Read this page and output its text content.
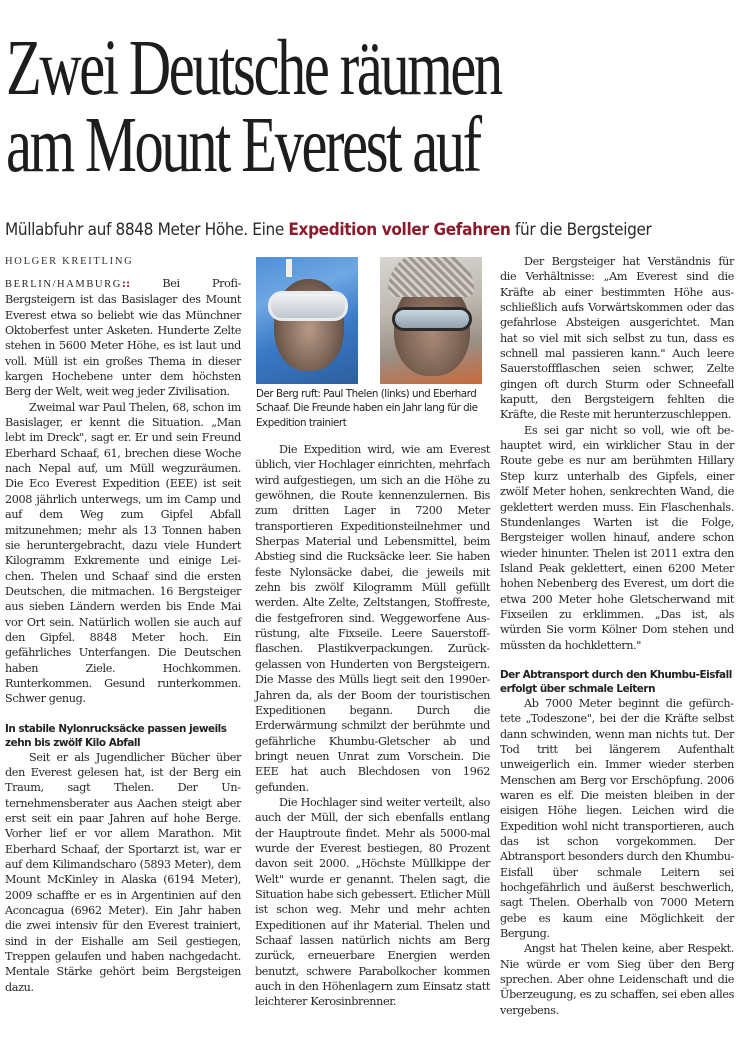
Zwei Deutsche räumen
am Mount Everest auf
Müllabfuhr auf 8848 Meter Höhe. Eine Expedition voller Gefahren für die Bergsteiger
HOLGER KREITLING

BERLIN/HAMBURG:: Bei Profi-Bergsteigern ist das Basislager des Mount Everest etwa so beliebt wie das Münchner Oktoberfest unter Asketen. Hunderte Zelte stehen in 5600 Meter Höhe, es ist laut und voll. Müll ist ein großes Thema in dieser kargen Hochebene unter dem höchsten Berg der Welt, weit weg jeder Zivilisation.

Zweimal war Paul Thelen, 68, schon im Basislager, er kennt die Situation. „Man lebt im Dreck", sagt er. Er und sein Freund Eberhard Schaaf, 61, brechen diese Woche nach Nepal auf, um Müll wegzuräumen. Die Eco Everest Expedition (EEE) ist seit 2008 jährlich unterwegs, um im Camp und auf dem Weg zum Gipfel Abfall mitzunehmen; mehr als 13 Tonnen haben sie heruntergebracht, dazu viele Hundert Kilogramm Exkremente und einige Leichen. Thelen und Schaaf sind die ersten Deutschen, die mitmachen. 16 Bergsteiger aus sieben Ländern werden bis Ende Mai vor Ort sein. Natürlich wollen sie auch auf den Gipfel. 8848 Meter hoch. Ein gefährliches Unterfangen. Die Deutschen haben Ziele. Hochkommen. Runterkommen. Gesund runterkommen. Schwer genug.

In stabile Nylonrucksäcke passen jeweils zehn bis zwölf Kilo Abfall

Seit er als Jugendlicher Bücher über den Everest gelesen hat, ist der Berg ein Traum, sagt Thelen. Der Unternehmensberater aus Aachen steigt aber erst seit ein paar Jahren auf hohe Berge. Vorher lief er vor allem Marathon. Mit Eberhard Schaaf, der Sportarzt ist, war er auf dem Kilimandscharo (5893 Meter), dem Mount McKinley in Alaska (6194 Meter), 2009 schaffte er es in Argentinien auf den Aconcagua (6962 Meter). Ein Jahr haben die zwei intensiv für den Everest trainiert, sind in der Eishalle am Seil gestiegen, Treppen gelaufen und haben nachgedacht. Mentale Stärke gehört beim Bergsteigen dazu.

Der Berg ruft: Paul Thelen (links) und Eberhard Schaaf. Die Freunde haben ein Jahr lang für die Expedition trainiert

Die Expedition wird, wie am Everest üblich, vier Hochlager einrichten, mehrfach wird aufgestiegen, um sich an die Höhe zu gewöhnen, die Route kennenzulernen. Bis zum dritten Lager in 7200 Meter transportieren Expeditionsteilnehmer und Sherpas Material und Lebensmittel, beim Abstieg sind die Rucksäcke leer. Sie haben feste Nylonsäcke dabei, die jeweils mit zehn bis zwölf Kilogramm Müll gefüllt werden. Alte Zelte, Zeltstangen, Stoffreste, die festgefroren sind. Weggeworfene Ausrüstung, alte Fixseile. Leere Sauerstoffflaschen. Plastikverpackungen. Zurückgelassen von Hunderten von Bergsteigern. Die Masse des Mülls liegt seit den 1990er-Jahren da, als der Boom der touristischen Expeditionen begann. Durch die Erderwärmung schmilzt der berühmte und gefährliche Khumbu-Gletscher ab und bringt neuen Unrat zum Vorschein. Die EEE hat auch Blechdosen von 1962 gefunden.

Die Hochlager sind weiter verteilt, also auch der Müll, der sich ebenfalls entlang der Hauptroute findet. Mehr als 5000-mal wurde der Everest bestiegen, 80 Prozent davon seit 2000. „Höchste Müllkippe der Welt" wurde er genannt. Thelen sagt, die Situation habe sich gebessert. Etlicher Müll ist schon weg. Mehr und mehr achten Expeditionen auf ihr Material. Thelen und Schaaf lassen natürlich nichts am Berg zurück, erneuerbare Energien werden benutzt, schwere Parabolkocher kommen auch in den Höhenlagern zum Einsatz statt leichterer Kerosinbrenner.

Der Bergsteiger hat Verständnis für die Verhältnisse: „Am Everest sind die Kräfte ab einer bestimmten Höhe ausschließlich aufs Vorwärtskommen oder das gefahrlose Absteigen ausgerichtet. Man hat so viel mit sich selbst zu tun, dass es schnell mal passieren kann." Auch leere Sauerstoffflaschen seien schwer, Zelte gingen oft durch Sturm oder Schneefall kaputt, den Bergsteigern fehlten die Kräfte, die Reste mit herunterzuschleppen.

Es sei gar nicht so voll, wie oft behauptet wird, ein wirklicher Stau in der Route gebe es nur am berühmten Hillary Step kurz unterhalb des Gipfels, einer zwölf Meter hohen, senkrechten Wand, die geklettert werden muss. Ein Flaschenhals. Stundenlanges Warten ist die Folge, Bergsteiger wollen hinauf, andere schon wieder hinunter. Thelen ist 2011 extra den Island Peak geklettert, einen 6200 Meter hohen Nebenberg des Everest, um dort die etwa 200 Meter hohe Gletscherwand mit Fixseilen zu erklimmen. „Das ist, als würden Sie vorm Kölner Dom stehen und müssten da hochklettern."

Der Abtransport durch den Khumbu-Eisfall erfolgt über schmale Leitern

Ab 7000 Meter beginnt die gefürchtete „Todeszone", bei der die Kräfte selbst dann schwinden, wenn man nichts tut. Der Tod tritt bei längerem Aufenthalt unweigerlich ein. Immer wieder sterben Menschen am Berg vor Erschöpfung. 2006 waren es elf. Die meisten bleiben in der eisigen Höhe liegen. Leichen wird die Expedition wohl nicht transportieren, auch das ist schon vorgekommen. Der Abtransport besonders durch den Khumbu-Eisfall über schmale Leitern sei hochgefährlich und äußerst beschwerlich, sagt Thelen. Oberhalb von 7000 Metern gebe es kaum eine Möglichkeit der Bergung.

Angst hat Thelen keine, aber Respekt. Nie würde er vom Sieg über den Berg sprechen. Aber ohne Leidenschaft und die Überzeugung, es zu schaffen, sei eben alles vergebens.
